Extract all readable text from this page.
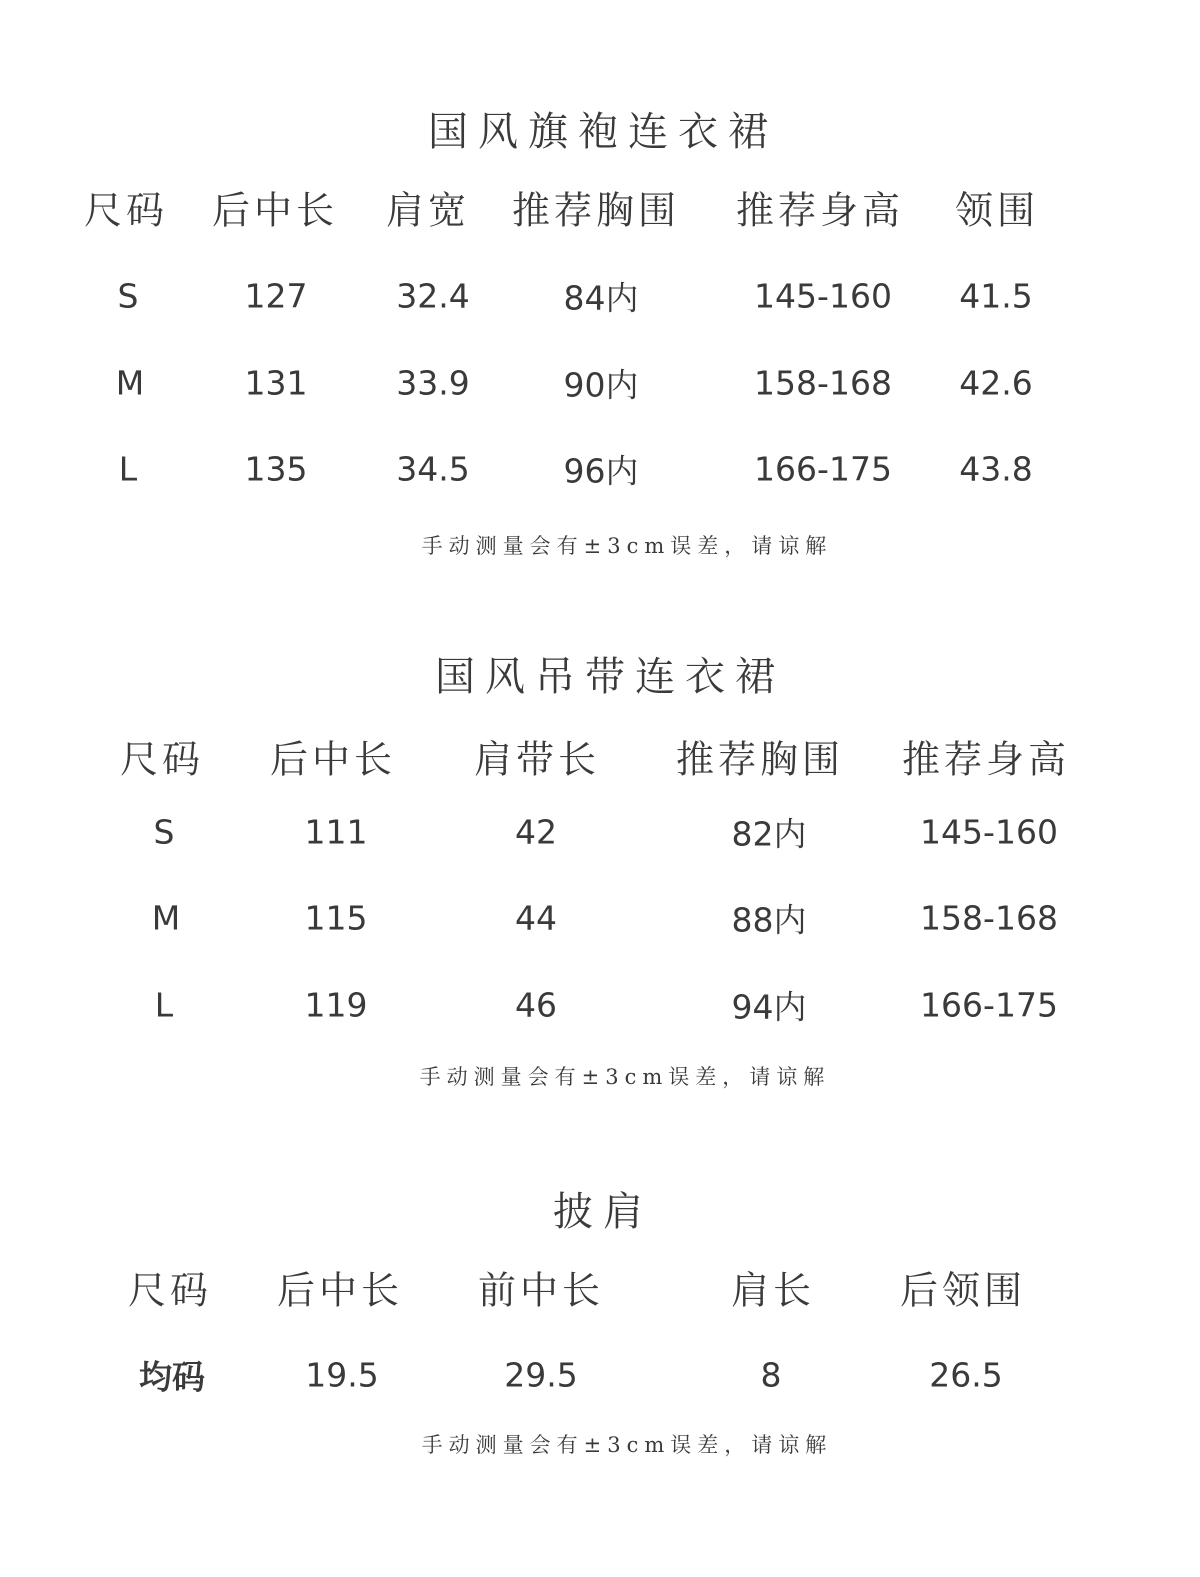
国风旗袍连衣裙
尺码 后中长 肩宽 推荐胸围 推荐身高 领围
S	127	32.4	84内	145-160 41.5
M	131	33.9	90内	158-168 42.6
L	135	34.5	96内	166-175 43.8
手动测量会有±3cm误差，请谅解
国风吊带连衣裙
尺码 后中长 肩带长 推荐胸围 推荐身高
S	111	42	82内	145-160
M	115	44	88内	158-168
L	119	46	94内	166-175
手动测量会有±3cm误差，请谅解
披肩
尺码 后中长 前中长	肩长 后领围
均码	19.5	29.5	8	26.5
手动测量会有±3cm误差，请谅解
